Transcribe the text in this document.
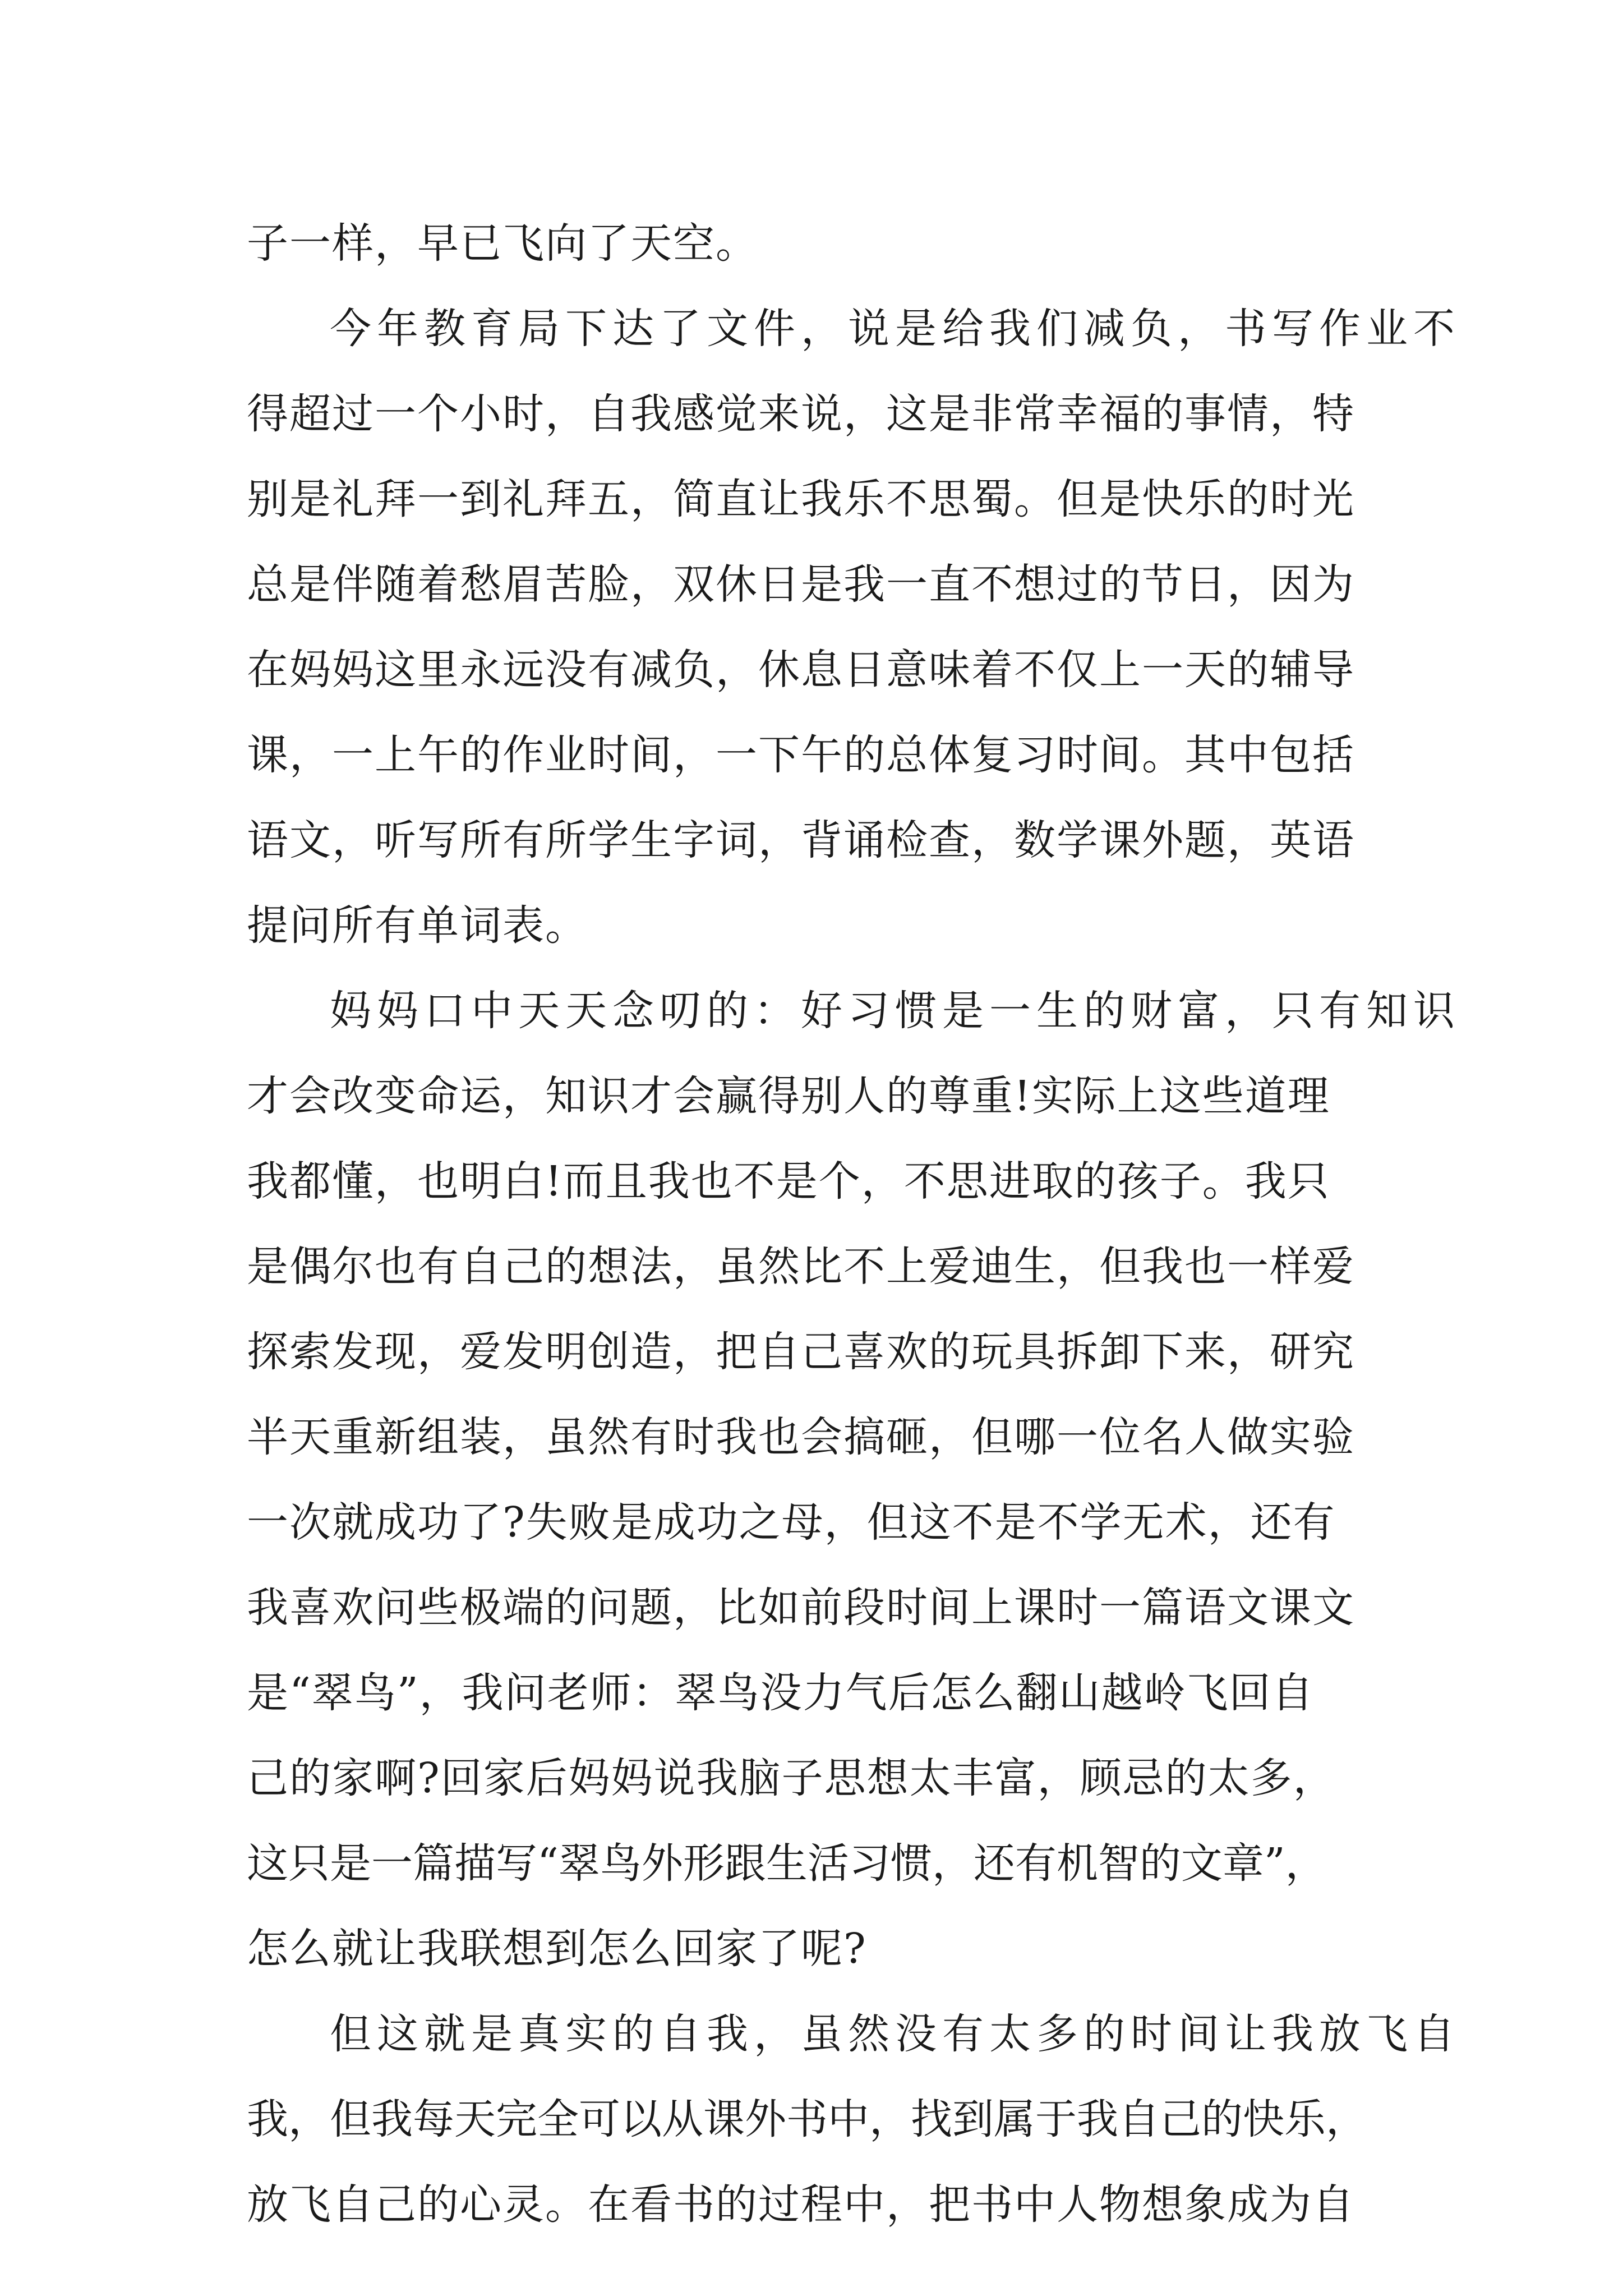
子一样，早已飞向了天空。
今年教育局下达了文件，说是给我们减负，书写作业不
得超过一个小时，自我感觉来说，这是非常幸福的事情，特
别是礼拜一到礼拜五，简直让我乐不思蜀。但是快乐的时光
总是伴随着愁眉苦脸，双休日是我一直不想过的节日，因为
在妈妈这里永远没有减负，休息日意味着不仅上一天的辅导
课，一上午的作业时间，一下午的总体复习时间。其中包括
语文，听写所有所学生字词，背诵检查，数学课外题，英语
提问所有单词表。
妈妈口中天天念叨的：好习惯是一生的财富，只有知识
才会改变命运，知识才会赢得别人的尊重!实际上这些道理
我都懂，也明白!而且我也不是个，不思进取的孩子。我只
是偶尔也有自己的想法，虽然比不上爱迪生，但我也一样爱
探索发现，爱发明创造，把自己喜欢的玩具拆卸下来，研究
半天重新组装，虽然有时我也会搞砸，但哪一位名人做实验
一次就成功了?失败是成功之母，但这不是不学无术，还有
我喜欢问些极端的问题，比如前段时间上课时一篇语文课文
是“翠鸟”，我问老师：翠鸟没力气后怎么翻山越岭飞回自
己的家啊?回家后妈妈说我脑子思想太丰富，顾忌的太多，
这只是一篇描写“翠鸟外形跟生活习惯，还有机智的文章”，
怎么就让我联想到怎么回家了呢?
但这就是真实的自我，虽然没有太多的时间让我放飞自
我，但我每天完全可以从课外书中，找到属于我自己的快乐，
放飞自己的心灵。在看书的过程中，把书中人物想象成为自
